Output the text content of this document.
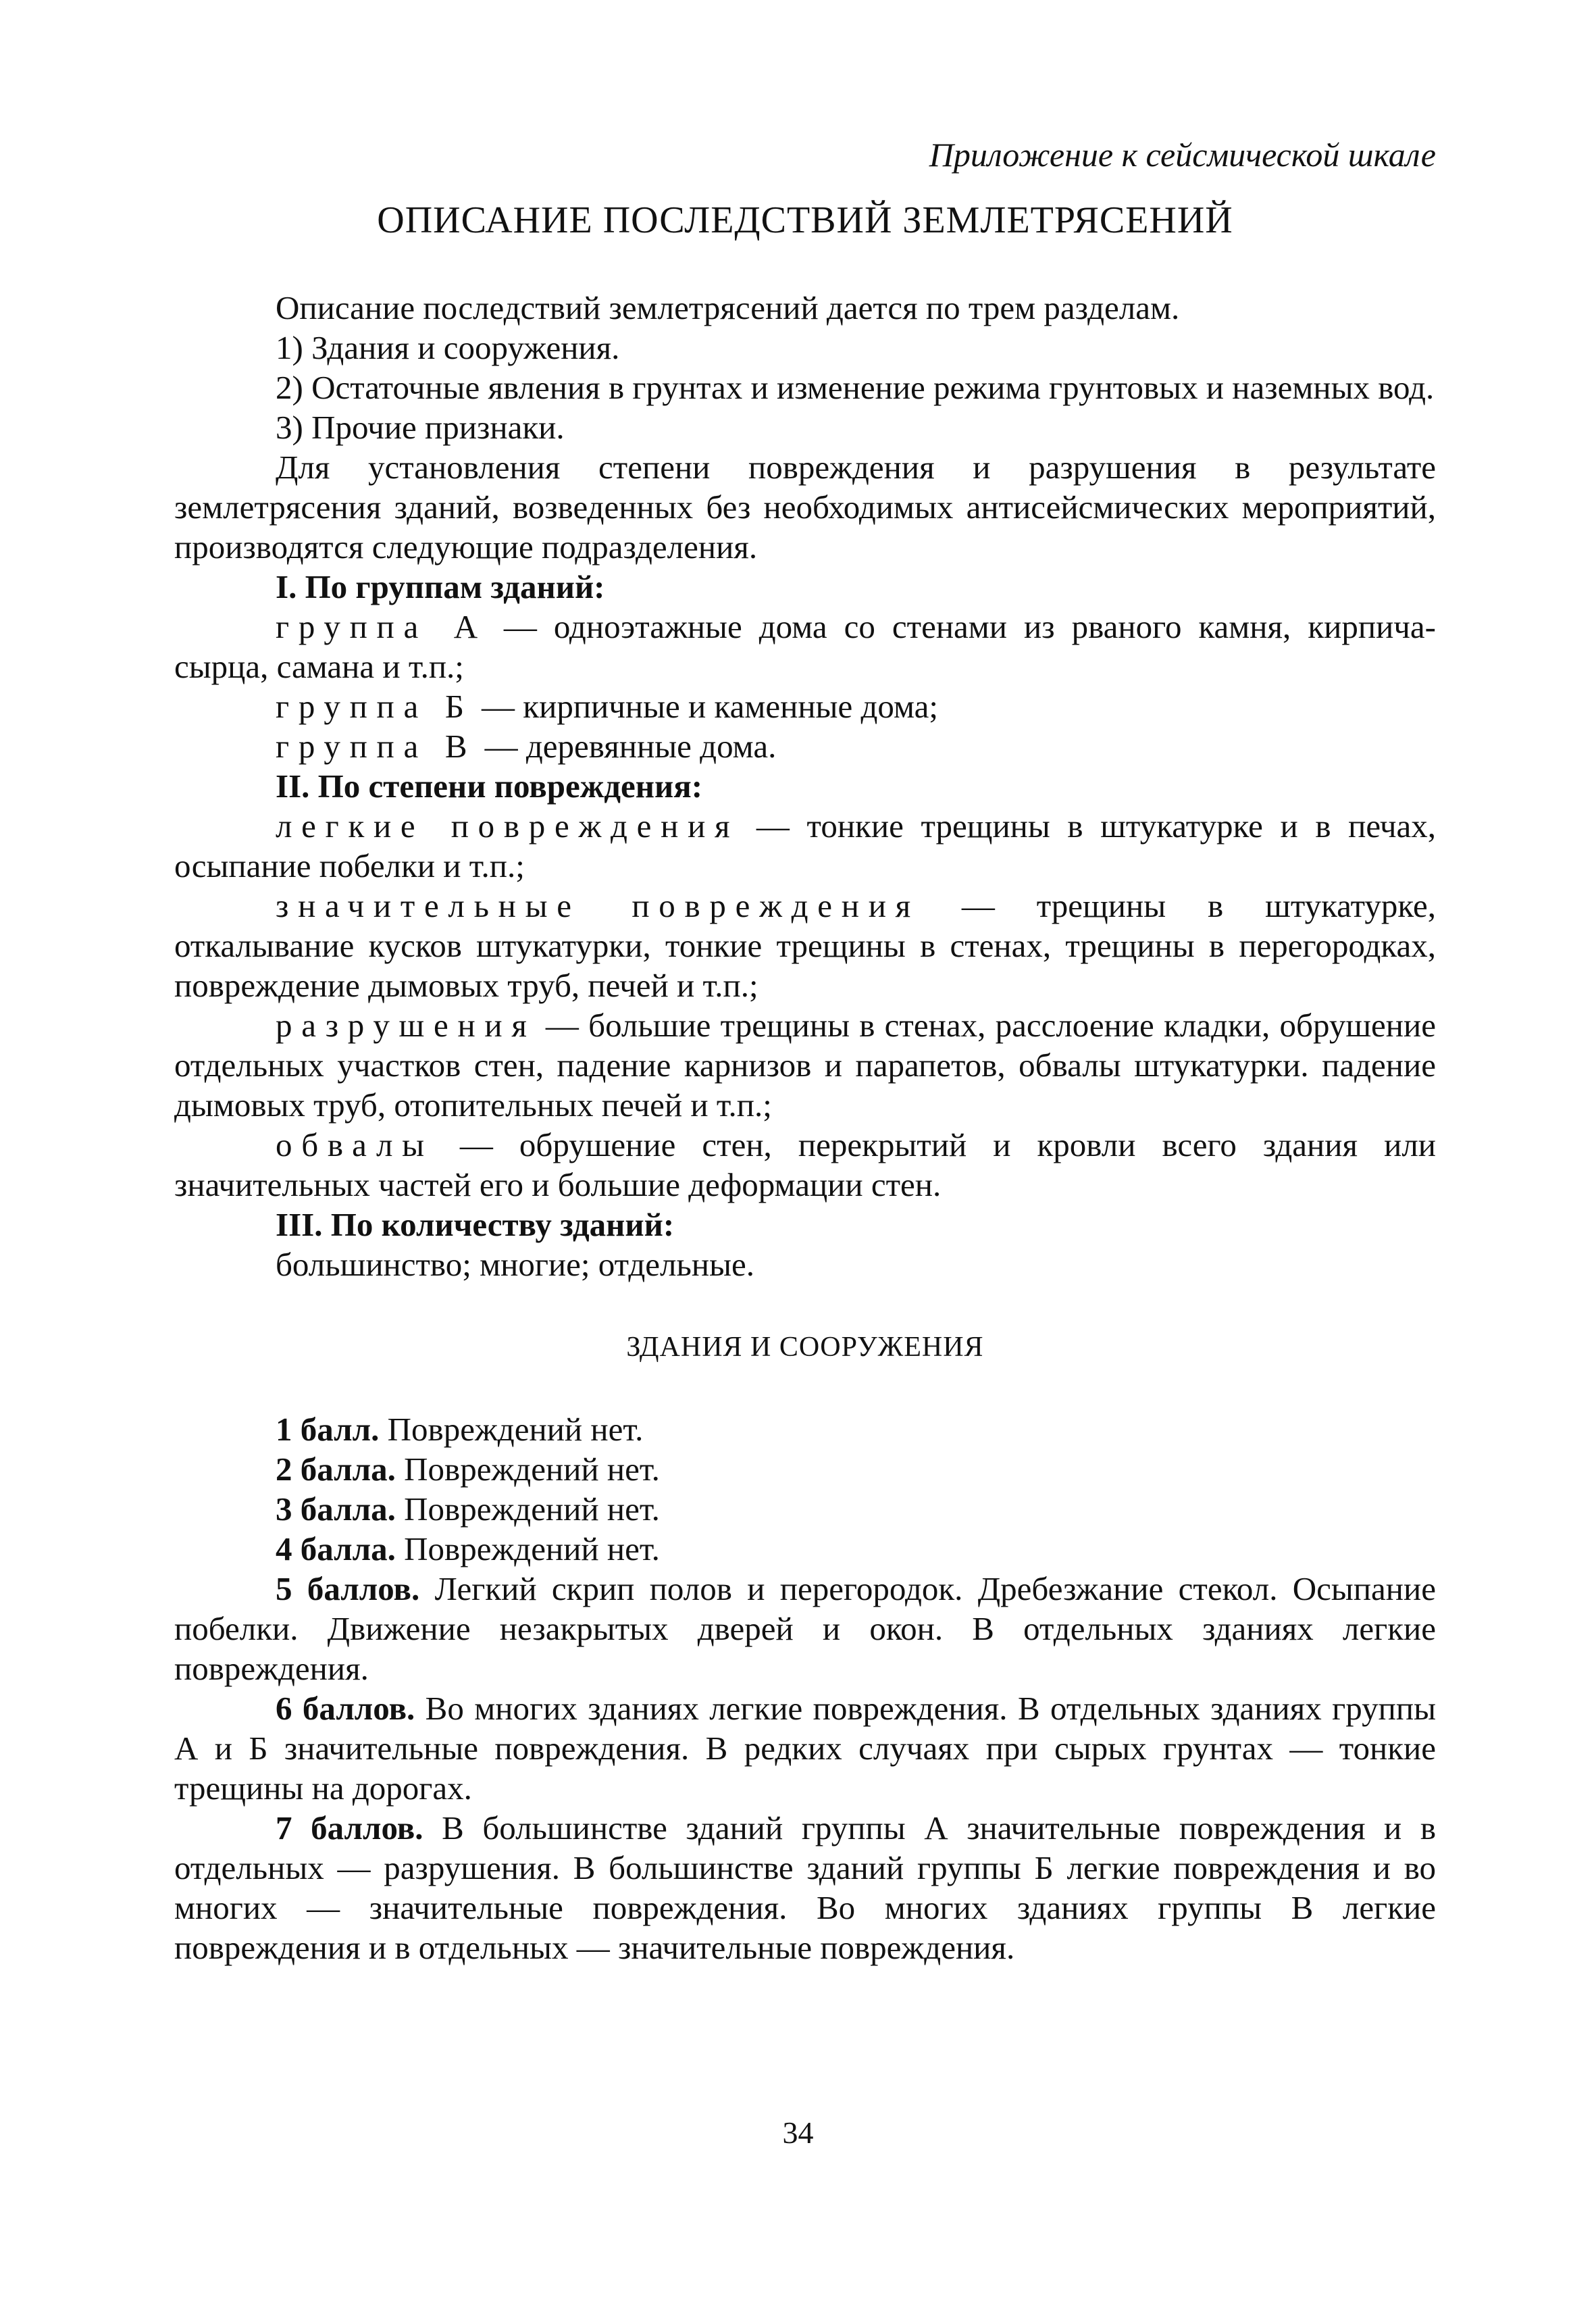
Приложение к сейсмической шкале

ОПИСАНИЕ ПОСЛЕДСТВИЙ ЗЕМЛЕТРЯСЕНИЙ

Описание последствий землетрясений дается по трем разделам.

1) Здания и сооружения.

2) Остаточные явления в грунтах и изменение режима грунтовых и наземных вод.

3) Прочие признаки.

Для установления степени повреждения и разрушения в результате землетрясения зданий, возведенных без необходимых антисейсмических мероприятий, производятся следующие подразделения.

I. По группам зданий:

группа А — одноэтажные дома со стенами из рваного камня, кирпича-сырца, самана и т.п.;

группа Б — кирпичные и каменные дома;

группа В — деревянные дома.

II. По степени повреждения:

легкие повреждения — тонкие трещины в штукатурке и в печах, осыпание побелки и т.п.;

значительные повреждения — трещины в штукатурке, откалывание кусков штукатурки, тонкие трещины в стенах, трещины в перегородках, повреждение дымовых труб, печей и т.п.;

разрушения — большие трещины в стенах, расслоение кладки, обрушение отдельных участков стен, падение карнизов и парапетов, обвалы штукатурки. падение дымовых труб, отопительных печей и т.п.;

обвалы — обрушение стен, перекрытий и кровли всего здания или значительных частей его и большие деформации стен.

III. По количеству зданий:

большинство; многие; отдельные.

ЗДАНИЯ И СООРУЖЕНИЯ

1 балл. Повреждений нет.

2 балла. Повреждений нет.

3 балла. Повреждений нет.

4 балла. Повреждений нет.

5 баллов. Легкий скрип полов и перегородок. Дребезжание стекол. Осыпание побелки. Движение незакрытых дверей и окон. В отдельных зданиях легкие повреждения.

6 баллов. Во многих зданиях легкие повреждения. В отдельных зданиях группы А и Б значительные повреждения. В редких случаях при сырых грунтах — тонкие трещины на дорогах.

7 баллов. В большинстве зданий группы А значительные повреждения и в отдельных — разрушения. В большинстве зданий группы Б легкие повреждения и во многих — значительные повреждения. Во многих зданиях группы В легкие повреждения и в отдельных — значительные повреждения.

34
